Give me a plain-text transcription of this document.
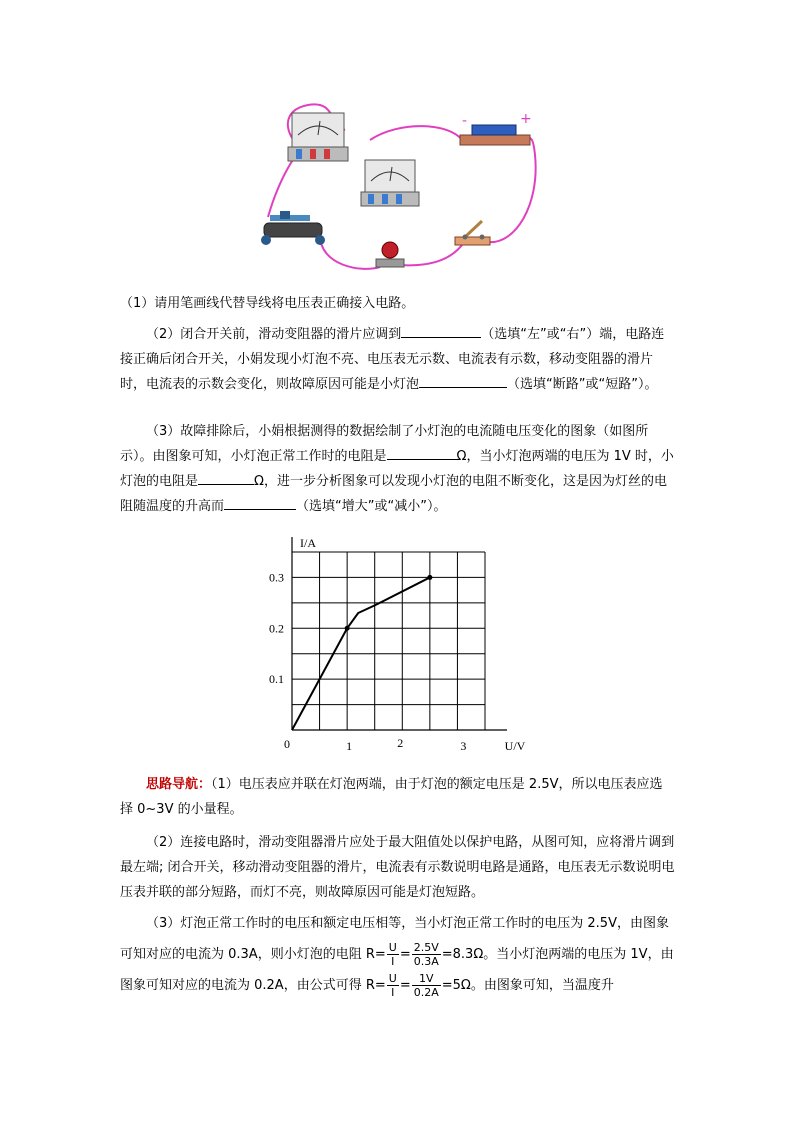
-	+

（1）请用笔画线代替导线将电压表正确接入电路。

（2）闭合开关前，滑动变阻器的滑片应调到	（选填“左”或“右”）端，电路连接正确后闭合开关，小娟发现小灯泡不亮、电压表无示数、电流表有示数，移动变阻器的滑片时，电流表的示数会变化，则故障原因可能是小灯泡	（选填“断路”或“短路”）。

（3）故障排除后，小娟根据测得的数据绘制了小灯泡的电流随电压变化的图象（如图所示）。由图象可知，小灯泡正常工作时的电阻是	Ω，当小灯泡两端的电压为 1V 时，小灯泡的电阻是	Ω，进一步分析图象可以发现小灯泡的电阻不断变化，这是因为灯丝的电阻随温度的升高而	（选填“增大”或“减小”）。

I/A
U/V
0	1	2	3
0.1
0.2
0.3

思路导航：（1）电压表应并联在灯泡两端，由于灯泡的额定电压是 2.5V，所以电压表应选择 0~3V 的小量程。

（2）连接电路时，滑动变阻器滑片应处于最大阻值处以保护电路，从图可知，应将滑片调到最左端; 闭合开关，移动滑动变阻器的滑片，电流表有示数说明电路是通路，电压表无示数说明电压表并联的部分短路，而灯不亮，则故障原因可能是灯泡短路。

（3）灯泡正常工作时的电压和额定电压相等，当小灯泡正常工作时的电压为 2.5V，由图象可知对应的电流为 0.3A，则小灯泡的电阻 $R= \frac{U}{I} = \frac{2.5V}{0.3A} =8.3\Omega$。当小灯泡两端的电压为 1V，由图象可知对应的电流为 0.2A，由公式可得 $R= \frac{U}{I} = \frac{1V}{0.2A} =5\Omega$。由图象可知，当温度升
